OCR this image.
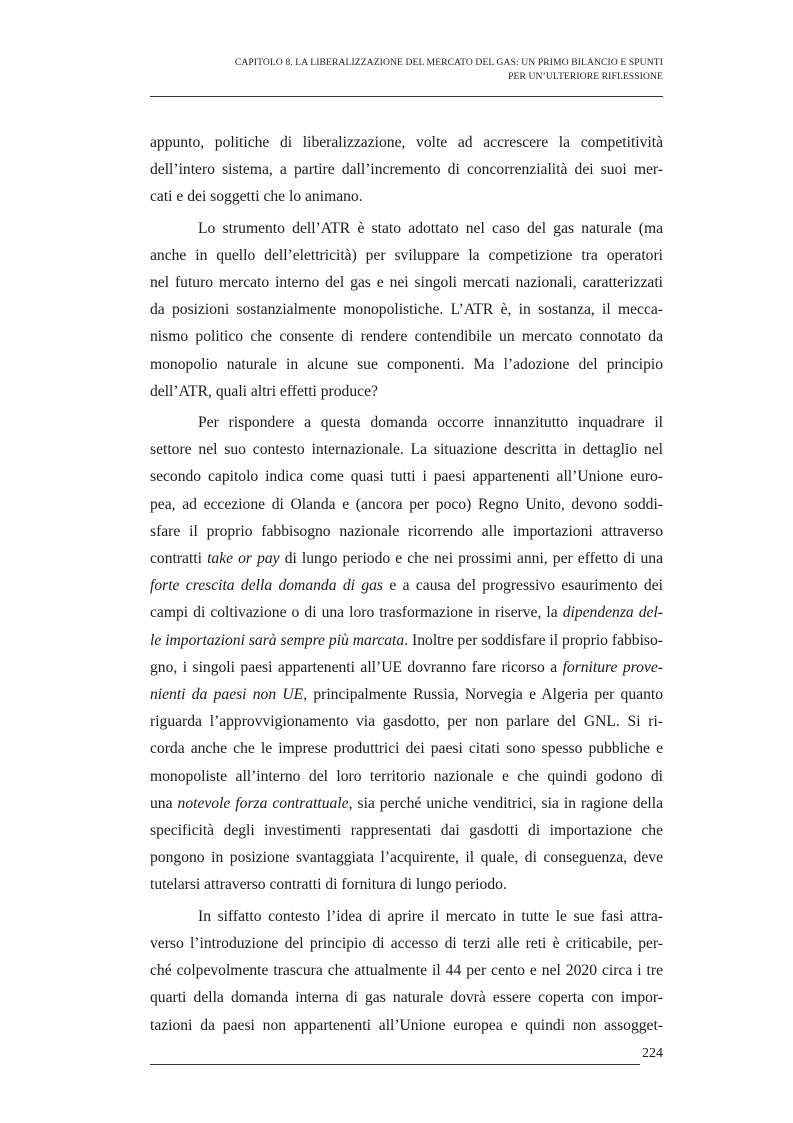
CAPITOLO 8. LA LIBERALIZZAZIONE DEL MERCATO DEL GAS: UN PRIMO BILANCIO E SPUNTI
PER UN’ULTERIORE RIFLESSIONE

appunto, politiche di liberalizzazione, volte ad accrescere la competitività
dell’intero sistema, a partire dall’incremento di concorrenzialità dei suoi mer-
cati e dei soggetti che lo animano.

Lo strumento dell’ATR è stato adottato nel caso del gas naturale (ma
anche in quello dell’elettricità) per sviluppare la competizione tra operatori
nel futuro mercato interno del gas e nei singoli mercati nazionali, caratterizzati
da posizioni sostanzialmente monopolistiche. L’ATR è, in sostanza, il mecca-
nismo politico che consente di rendere contendibile un mercato connotato da
monopolio naturale in alcune sue componenti. Ma l’adozione del principio
dell’ATR, quali altri effetti produce?

Per rispondere a questa domanda occorre innanzitutto inquadrare il
settore nel suo contesto internazionale. La situazione descritta in dettaglio nel
secondo capitolo indica come quasi tutti i paesi appartenenti all’Unione euro-
pea, ad eccezione di Olanda e (ancora per poco) Regno Unito, devono soddi-
sfare il proprio fabbisogno nazionale ricorrendo alle importazioni attraverso
contratti take or pay di lungo periodo e che nei prossimi anni, per effetto di una
forte crescita della domanda di gas e a causa del progressivo esaurimento dei
campi di coltivazione o di una loro trasformazione in riserve, la dipendenza del-
le importazioni sarà sempre più marcata. Inoltre per soddisfare il proprio fabbiso-
gno, i singoli paesi appartenenti all’UE dovranno fare ricorso a forniture prove-
nienti da paesi non UE, principalmente Russia, Norvegia e Algeria per quanto
riguarda l’approvvigionamento via gasdotto, per non parlare del GNL. Si ri-
corda anche che le imprese produttrici dei paesi citati sono spesso pubbliche e
monopoliste all’interno del loro territorio nazionale e che quindi godono di
una notevole forza contrattuale, sia perché uniche venditrici, sia in ragione della
specificità degli investimenti rappresentati dai gasdotti di importazione che
pongono in posizione svantaggiata l’acquirente, il quale, di conseguenza, deve
tutelarsi attraverso contratti di fornitura di lungo periodo.

In siffatto contesto l’idea di aprire il mercato in tutte le sue fasi attra-
verso l’introduzione del principio di accesso di terzi alle reti è criticabile, per-
ché colpevolmente trascura che attualmente il 44 per cento e nel 2020 circa i tre
quarti della domanda interna di gas naturale dovrà essere coperta con impor-
tazioni da paesi non appartenenti all’Unione europea e quindi non assogget-

224
